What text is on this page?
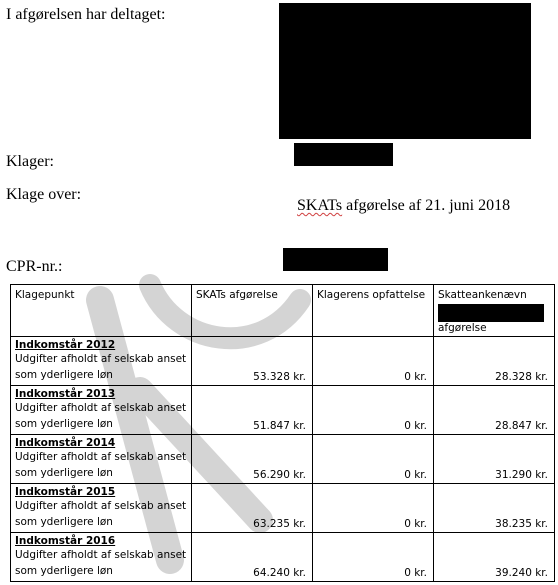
I afgørelsen har deltaget:
Klager:
Klage over:
SKATs afgørelse af 21. juni 2018
CPR-nr.:
Klagepunkt	SKATs afgørelse	Klagerens opfattelse	Skatteankenævn
afgørelse

Indkomstår 2012
Udgifter afholdt af selskab anset som yderligere løn	53.328 kr.	0 kr.	28.328 kr.

Indkomstår 2013
Udgifter afholdt af selskab anset som yderligere løn	51.847 kr.	0 kr.	28.847 kr.

Indkomstår 2014
Udgifter afholdt af selskab anset som yderligere løn	56.290 kr.	0 kr.	31.290 kr.

Indkomstår 2015
Udgifter afholdt af selskab anset som yderligere løn	63.235 kr.	0 kr.	38.235 kr.

Indkomstår 2016
Udgifter afholdt af selskab anset som yderligere løn	64.240 kr.	0 kr.	39.240 kr.
